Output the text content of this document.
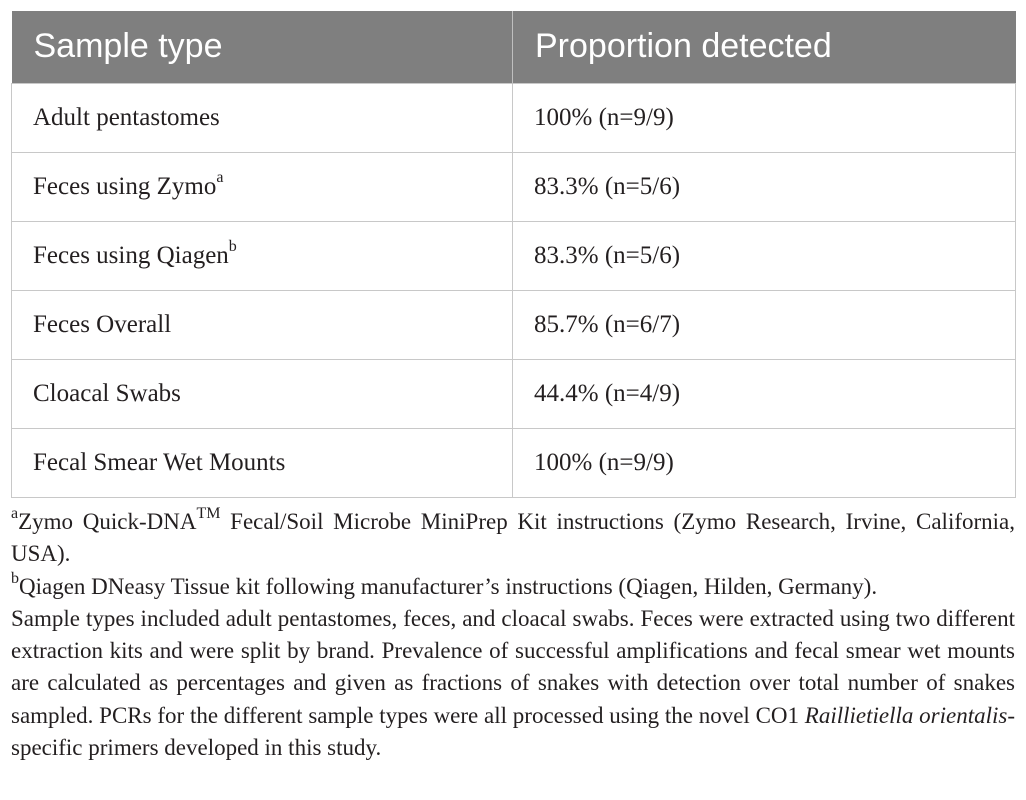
Sample type	Proportion detected
Adult pentastomes	100% (n=9/9)
Feces using Zymo$^a$	83.3% (n=5/6)
Feces using Qiagen$^b$	83.3% (n=5/6)
Feces Overall	85.7% (n=6/7)
Cloacal Swabs	44.4% (n=4/9)
Fecal Smear Wet Mounts	100% (n=9/9)

$^a$Zymo Quick-DNA™ Fecal/Soil Microbe MiniPrep Kit instructions (Zymo Research, Irvine, California, USA).

$^b$Qiagen DNeasy Tissue kit following manufacturer’s instructions (Qiagen, Hilden, Germany).

Sample types included adult pentastomes, feces, and cloacal swabs. Feces were extracted using two different extraction kits and were split by brand. Prevalence of successful amplifications and fecal smear wet mounts are calculated as percentages and given as fractions of snakes with detection over total number of snakes sampled. PCRs for the different sample types were all processed using the novel CO1 Raillietiella orientalis-specific primers developed in this study.
